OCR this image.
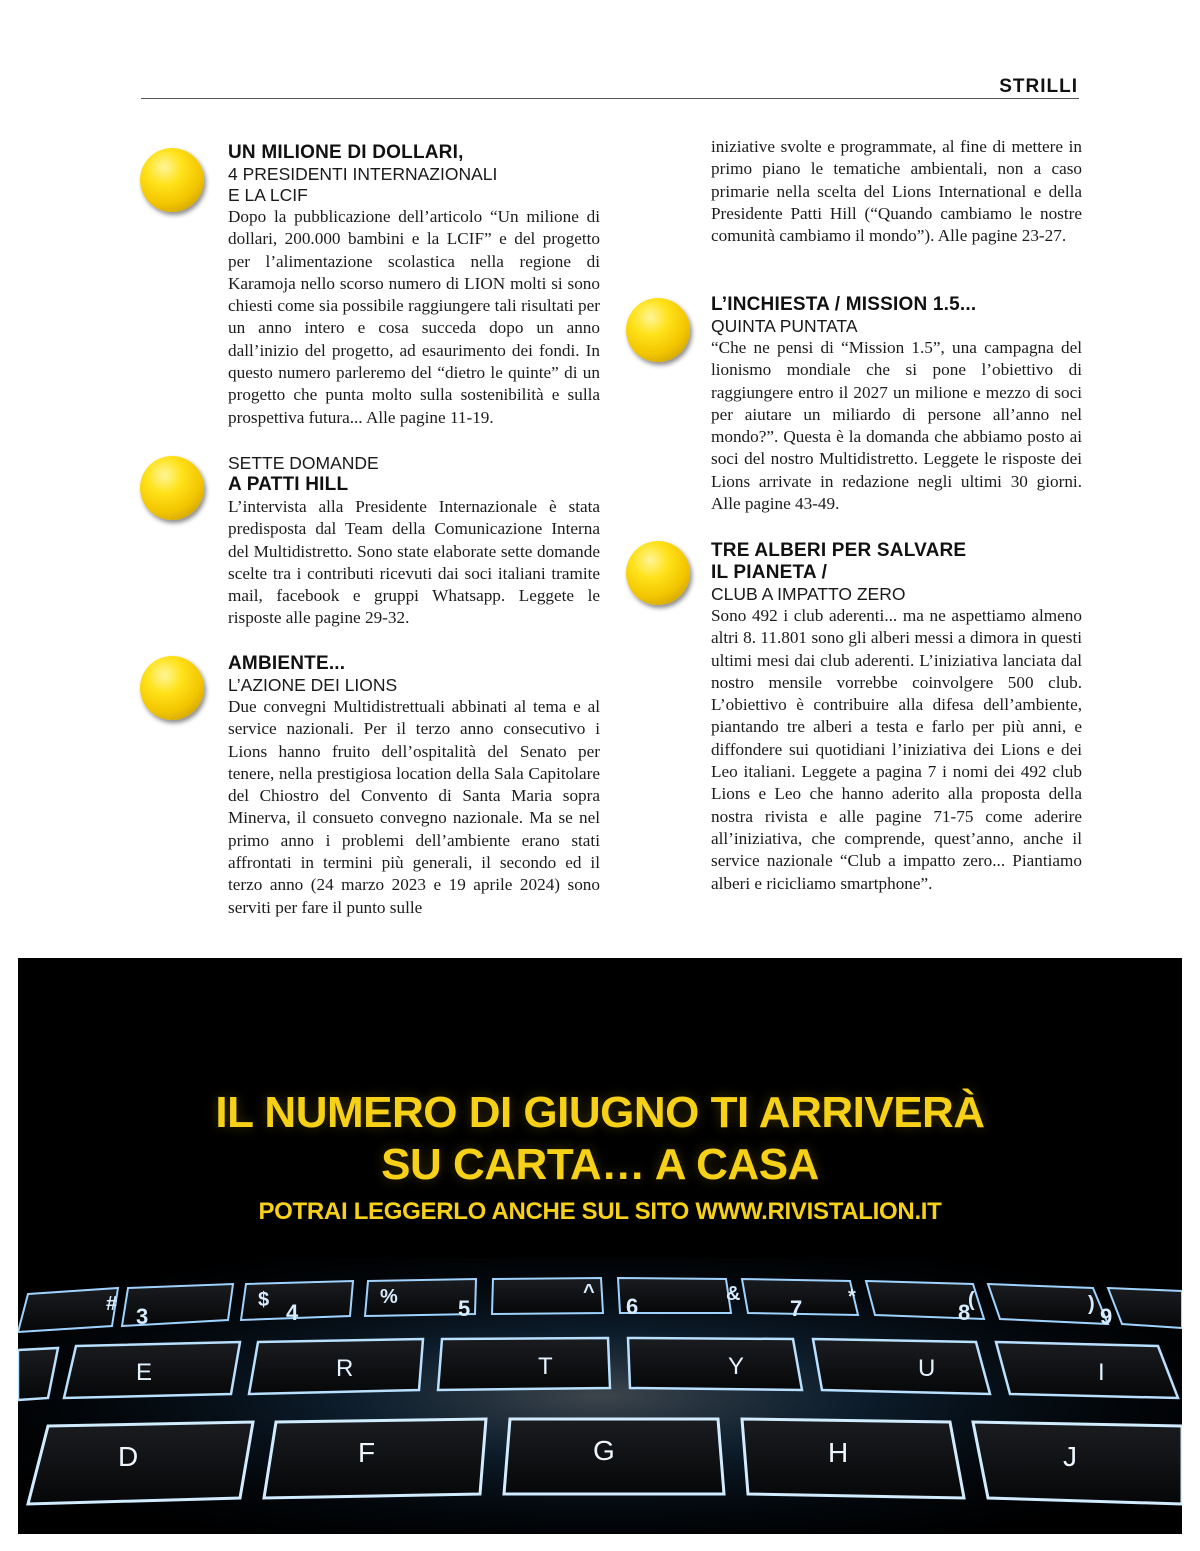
STRILLI
UN MILIONE DI DOLLARI,
4 PRESIDENTI INTERNAZIONALI
E LA LCIF

Dopo la pubblicazione dell’articolo “Un milione di dollari, 200.000 bambini e la LCIF” e del progetto per l’alimentazione scolastica nella regione di Karamoja nello scorso numero di LION molti si sono chiesti come sia possibile raggiungere tali risultati per un anno intero e cosa succeda dopo un anno dall’inizio del progetto, ad esaurimento dei fondi. In questo numero parleremo del “dietro le quinte” di un progetto che punta molto sulla sostenibilità e sulla prospettiva futura... Alle pagine 11-19.

SETTE DOMANDE
A PATTI HILL

L’intervista alla Presidente Internazionale è stata predisposta dal Team della Comunicazione Interna del Multidistretto. Sono state elaborate sette domande scelte tra i contributi ricevuti dai soci italiani tramite mail, facebook e gruppi Whatsapp. Leggete le risposte alle pagine 29-32.

AMBIENTE...
L’AZIONE DEI LIONS

Due convegni Multidistrettuali abbinati al tema e al service nazionali. Per il terzo anno consecutivo i Lions hanno fruito dell’ospitalità del Senato per tenere, nella prestigiosa location della Sala Capitolare del Chiostro del Convento di Santa Maria sopra Minerva, il consueto convegno nazionale. Ma se nel primo anno i problemi dell’ambiente erano stati affrontati in termini più generali, il secondo ed il terzo anno (24 marzo 2023 e 19 aprile 2024) sono serviti per fare il punto sulle

iniziative svolte e programmate, al fine di mettere in primo piano le tematiche ambientali, non a caso primarie nella scelta del Lions International e della Presidente Patti Hill (“Quando cambiamo le nostre comunità cambiamo il mondo”). Alle pagine 23-27.

L’INCHIESTA / MISSION 1.5...
QUINTA PUNTATA

“Che ne pensi di “Mission 1.5”, una campagna del lionismo mondiale che si pone l’obiettivo di raggiungere entro il 2027 un milione e mezzo di soci per aiutare un miliardo di persone all’anno nel mondo?”. Questa è la domanda che abbiamo posto ai soci del nostro Multidistretto. Leggete le risposte dei Lions arrivate in redazione negli ultimi 30 giorni. Alle pagine 43-49.

TRE ALBERI PER SALVARE
IL PIANETA /
CLUB A IMPATTO ZERO

Sono 492 i club aderenti... ma ne aspettiamo almeno altri 8. 11.801 sono gli alberi messi a dimora in questi ultimi mesi dai club aderenti. L’iniziativa lanciata dal nostro mensile vorrebbe coinvolgere 500 club. L’obiettivo è contribuire alla difesa dell’ambiente, piantando tre alberi a testa e farlo per più anni, e diffondere sui quotidiani l’iniziativa dei Lions e dei Leo italiani. Leggete a pagina 7 i nomi dei 492 club Lions e Leo che hanno aderito alla proposta della nostra rivista e alle pagine 71-75 come aderire all’iniziativa, che comprende, quest’anno, anche il service nazionale “Club a impatto zero... Piantiamo alberi e ricicliamo smartphone”.

#	$	%	^	&	*	(	)
3	4	5	6	7	8	9
E	R	T	Y	U	I
D	F	G	H	J
IL NUMERO DI GIUGNO TI ARRIVERÀ
SU CARTA… A CASA
POTRAI LEGGERLO ANCHE SUL SITO WWW.RIVISTALION.IT
